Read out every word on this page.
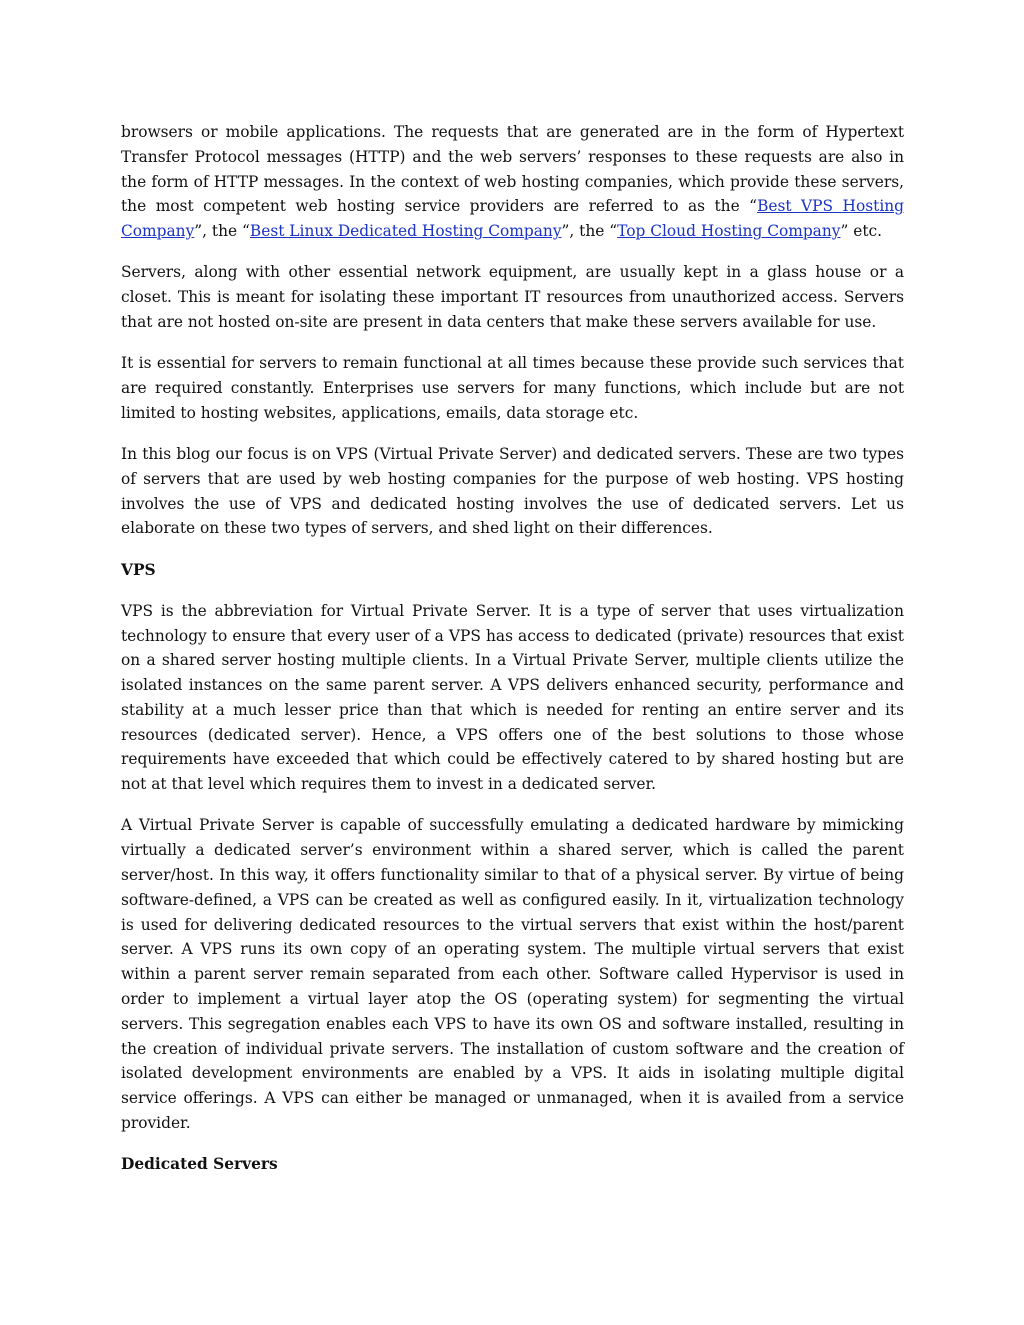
browsers or mobile applications. The requests that are generated are in the form of Hypertext Transfer Protocol messages (HTTP) and the web servers’ responses to these requests are also in the form of HTTP messages. In the context of web hosting companies, which provide these servers, the most competent web hosting service providers are referred to as the “Best VPS Hosting Company”, the “Best Linux Dedicated Hosting Company”, the “Top Cloud Hosting Company” etc.

Servers, along with other essential network equipment, are usually kept in a glass house or a closet. This is meant for isolating these important IT resources from unauthorized access. Servers that are not hosted on-site are present in data centers that make these servers available for use.

It is essential for servers to remain functional at all times because these provide such services that are required constantly. Enterprises use servers for many functions, which include but are not limited to hosting websites, applications, emails, data storage etc.

In this blog our focus is on VPS (Virtual Private Server) and dedicated servers. These are two types of servers that are used by web hosting companies for the purpose of web hosting. VPS hosting involves the use of VPS and dedicated hosting involves the use of dedicated servers. Let us elaborate on these two types of servers, and shed light on their differences.

VPS

VPS is the abbreviation for Virtual Private Server. It is a type of server that uses virtualization technology to ensure that every user of a VPS has access to dedicated (private) resources that exist on a shared server hosting multiple clients. In a Virtual Private Server, multiple clients utilize the isolated instances on the same parent server. A VPS delivers enhanced security, performance and stability at a much lesser price than that which is needed for renting an entire server and its resources (dedicated server). Hence, a VPS offers one of the best solutions to those whose requirements have exceeded that which could be effectively catered to by shared hosting but are not at that level which requires them to invest in a dedicated server.

A Virtual Private Server is capable of successfully emulating a dedicated hardware by mimicking virtually a dedicated server’s environment within a shared server, which is called the parent server/host. In this way, it offers functionality similar to that of a physical server. By virtue of being software-defined, a VPS can be created as well as configured easily. In it, virtualization technology is used for delivering dedicated resources to the virtual servers that exist within the host/parent server. A VPS runs its own copy of an operating system. The multiple virtual servers that exist within a parent server remain separated from each other. Software called Hypervisor is used in order to implement a virtual layer atop the OS (operating system) for segmenting the virtual servers. This segregation enables each VPS to have its own OS and software installed, resulting in the creation of individual private servers. The installation of custom software and the creation of isolated development environments are enabled by a VPS. It aids in isolating multiple digital service offerings. A VPS can either be managed or unmanaged, when it is availed from a service provider.

Dedicated Servers
